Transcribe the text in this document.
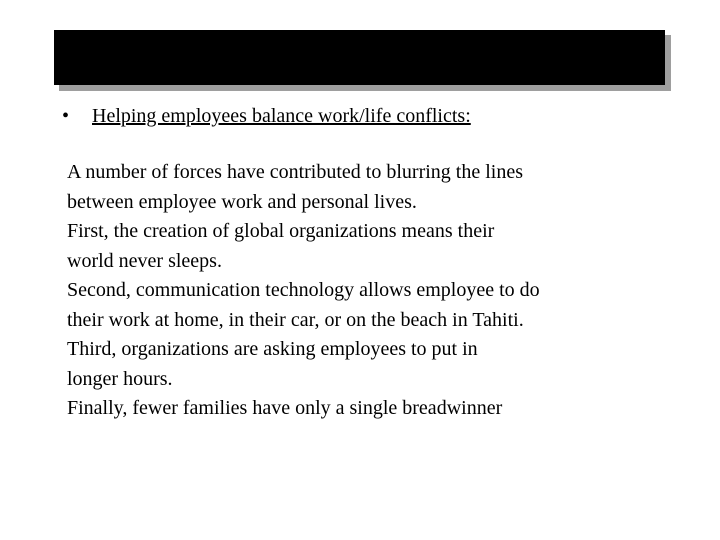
• Helping employees balance work/life conflicts:
A number of forces have contributed to blurring the lines
between employee work and personal lives.
First, the creation of global organizations means their
world never sleeps.
Second, communication technology allows employee to do
their work at home, in their car, or on the beach in Tahiti.
Third, organizations are asking employees to put in
longer hours.
Finally, fewer families have only a single breadwinner
